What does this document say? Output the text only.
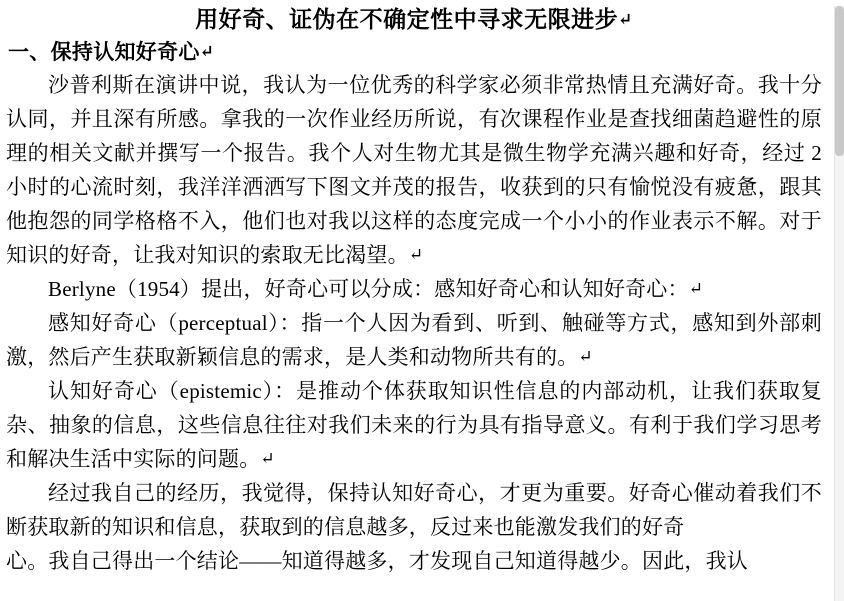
用好奇、证伪在不确定性中寻求无限进步↵
一、保持认知好奇心↵

沙普利斯在演讲中说，我认为一位优秀的科学家必须非常热情且充满好奇。我十分认同，并且深有所感。拿我的一次作业经历所说，有次课程作业是查找细菌趋避性的原理的相关文献并撰写一个报告。我个人对生物尤其是微生物学充满兴趣和好奇，经过 2 小时的心流时刻，我洋洋洒洒写下图文并茂的报告，收获到的只有愉悦没有疲惫，跟其他抱怨的同学格格不入，他们也对我以这样的态度完成一个小小的作业表示不解。对于知识的好奇，让我对知识的索取无比渴望。↵

Berlyne（1954）提出，好奇心可以分成：感知好奇心和认知好奇心：↵

感知好奇心（perceptual）：指一个人因为看到、听到、触碰等方式，感知到外部刺激，然后产生获取新颖信息的需求，是人类和动物所共有的。↵

认知好奇心（epistemic）：是推动个体获取知识性信息的内部动机，让我们获取复杂、抽象的信息，这些信息往往对我们未来的行为具有指导意义。有利于我们学习思考和解决生活中实际的问题。↵

经过我自己的经历，我觉得，保持认知好奇心，才更为重要。好奇心催动着我们不断获取新的知识和信息，获取到的信息越多，反过来也能激发我们的好奇

心。我自己得出一个结论——知道得越多，才发现自己知道得越少。因此，我认
